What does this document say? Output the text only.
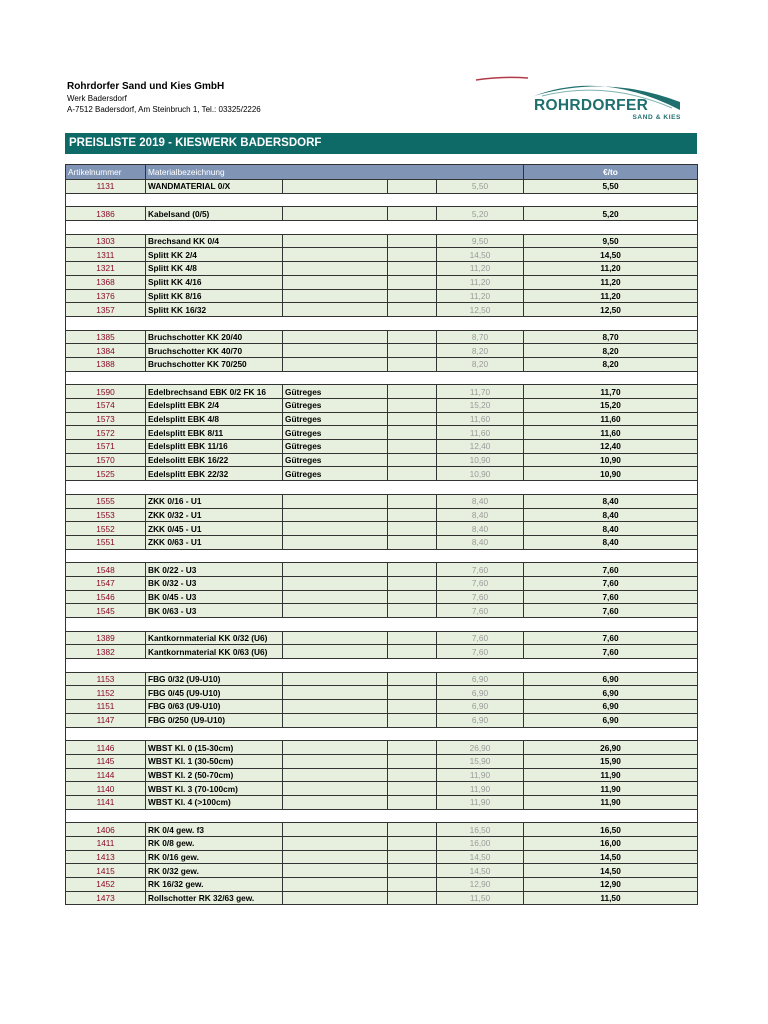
Rohrdorfer Sand und Kies GmbH
Werk Badersdorf
A-7512 Badersdorf, Am Steinbruch 1, Tel.: 03325/2226	ROHRDORFER
SAND & KIES
PREISLISTE 2019 - KIESWERK BADERSDORF
Artikelnummer	Materialbezeichnung				€/to
1131	WANDMATERIAL 0/X			5,50	5,50

1386	Kabelsand (0/5)			5,20	5,20

1303	Brechsand KK 0/4			9,50	9,50
1311	Splitt KK 2/4			14,50	14,50
1321	Splitt KK 4/8			11,20	11,20
1368	Splitt KK 4/16			11,20	11,20
1376	Splitt KK 8/16			11,20	11,20
1357	Splitt KK 16/32			12,50	12,50

1385	Bruchschotter KK 20/40			8,70	8,70
1384	Bruchschotter KK 40/70			8,20	8,20
1388	Bruchschotter KK 70/250			8,20	8,20

1590	Edelbrechsand EBK 0/2 FK 16	Gütreges		11,70	11,70
1574	Edelsplitt EBK 2/4	Gütreges		15,20	15,20
1573	Edelsplitt EBK 4/8	Gütreges		11,60	11,60
1572	Edelsplitt EBK 8/11	Gütreges		11,60	11,60
1571	Edelsplitt EBK 11/16	Gütreges		12,40	12,40
1570	Edelsolitt EBK 16/22	Gütreges		10,90	10,90
1525	Edelsplitt EBK 22/32	Gütreges		10,90	10,90

1555	ZKK 0/16 - U1			8,40	8,40
1553	ZKK 0/32 - U1			8,40	8,40
1552	ZKK 0/45 - U1			8,40	8,40
1551	ZKK 0/63 - U1			8,40	8,40

1548	BK 0/22 - U3			7,60	7,60
1547	BK 0/32 - U3			7,60	7,60
1546	BK 0/45 - U3			7,60	7,60
1545	BK 0/63 - U3			7,60	7,60

1389	Kantkornmaterial KK 0/32 (U6)			7,60	7,60
1382	Kantkornmaterial KK 0/63 (U6)			7,60	7,60

1153	FBG 0/32 (U9-U10)			6,90	6,90
1152	FBG 0/45 (U9-U10)			6,90	6,90
1151	FBG 0/63 (U9-U10)			6,90	6,90
1147	FBG 0/250 (U9-U10)			6,90	6,90

1146	WBST Kl. 0 (15-30cm)			26,90	26,90
1145	WBST Kl. 1 (30-50cm)			15,90	15,90
1144	WBST Kl. 2 (50-70cm)			11,90	11,90
1140	WBST Kl. 3 (70-100cm)			11,90	11,90
1141	WBST Kl. 4 (>100cm)			11,90	11,90

1406	RK 0/4 gew. f3			16,50	16,50
1411	RK 0/8 gew.			16,00	16,00
1413	RK 0/16 gew.			14,50	14,50
1415	RK 0/32 gew.			14,50	14,50
1452	RK 16/32 gew.			12,90	12,90
1473	Rollschotter RK 32/63 gew.			11,50	11,50
